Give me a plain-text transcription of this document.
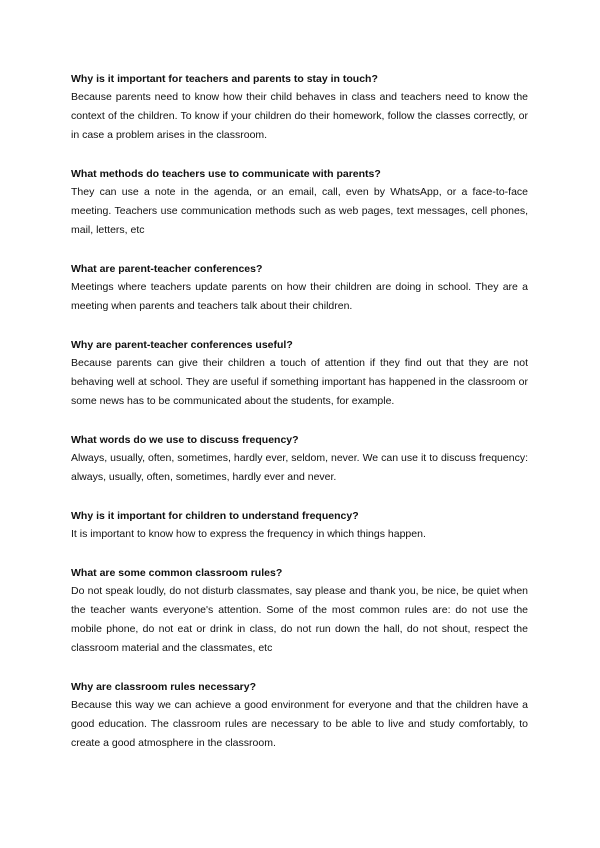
Why is it important for teachers and parents to stay in touch?

Because parents need to know how their child behaves in class and teachers need to know the context of the children. To know if your children do their homework, follow the classes correctly, or in case a problem arises in the classroom.

What methods do teachers use to communicate with parents?

They can use a note in the agenda, or an email, call, even by WhatsApp, or a face-to-face meeting. Teachers use communication methods such as web pages, text messages, cell phones, mail, letters, etc

What are parent-teacher conferences?

Meetings where teachers update parents on how their children are doing in school. They are a meeting when parents and teachers talk about their children.

Why are parent-teacher conferences useful?

Because parents can give their children a touch of attention if they find out that they are not behaving well at school. They are useful if something important has happened in the classroom or some news has to be communicated about the students, for example.

What words do we use to discuss frequency?

Always, usually, often, sometimes, hardly ever, seldom, never. We can use it to discuss frequency: always, usually, often, sometimes, hardly ever and never.

Why is it important for children to understand frequency?

It is important to know how to express the frequency in which things happen.

What are some common classroom rules?

Do not speak loudly, do not disturb classmates, say please and thank you, be nice, be quiet when the teacher wants everyone's attention. Some of the most common rules are: do not use the mobile phone, do not eat or drink in class, do not run down the hall, do not shout, respect the classroom material and the classmates, etc

Why are classroom rules necessary?

Because this way we can achieve a good environment for everyone and that the children have a good education. The classroom rules are necessary to be able to live and study comfortably, to create a good atmosphere in the classroom.
